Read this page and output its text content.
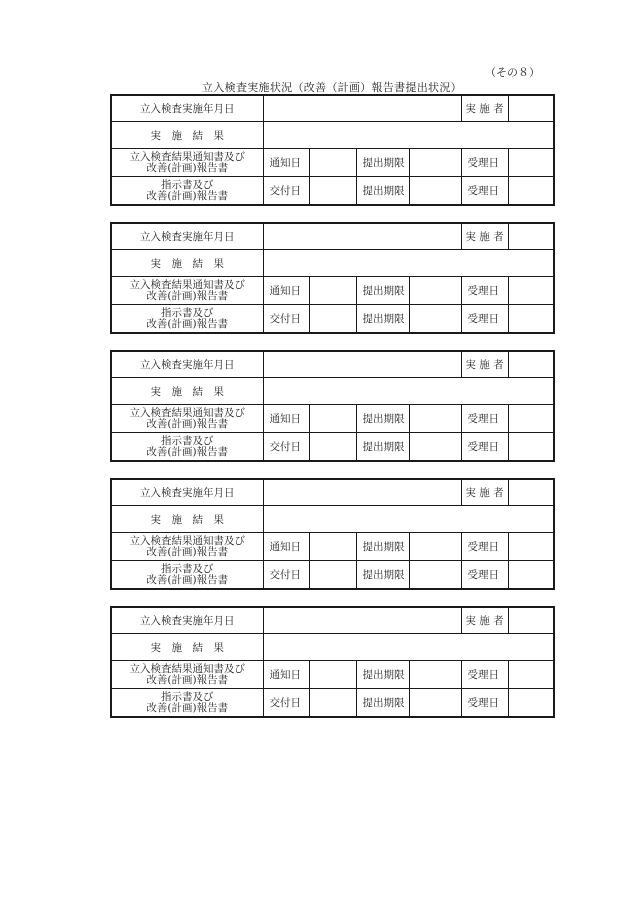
（その８）
立入検査実施状況（改善（計画）報告書提出状況）
立入検査実施年月日					実 施 者	
実　施　結　果						

立入検査結果通知書及び
改善(計画)報告書	通知日		提出期限		受理日	

指示書及び
改善(計画)報告書	交付日		提出期限		受理日	
立入検査実施年月日					実 施 者	
実　施　結　果						

立入検査結果通知書及び
改善(計画)報告書	通知日		提出期限		受理日	

指示書及び
改善(計画)報告書	交付日		提出期限		受理日	
立入検査実施年月日					実 施 者	
実　施　結　果						

立入検査結果通知書及び
改善(計画)報告書	通知日		提出期限		受理日	

指示書及び
改善(計画)報告書	交付日		提出期限		受理日	
立入検査実施年月日					実 施 者	
実　施　結　果						

立入検査結果通知書及び
改善(計画)報告書	通知日		提出期限		受理日	

指示書及び
改善(計画)報告書	交付日		提出期限		受理日	
立入検査実施年月日					実 施 者	
実　施　結　果						

立入検査結果通知書及び
改善(計画)報告書	通知日		提出期限		受理日	

指示書及び
改善(計画)報告書	交付日		提出期限		受理日	
